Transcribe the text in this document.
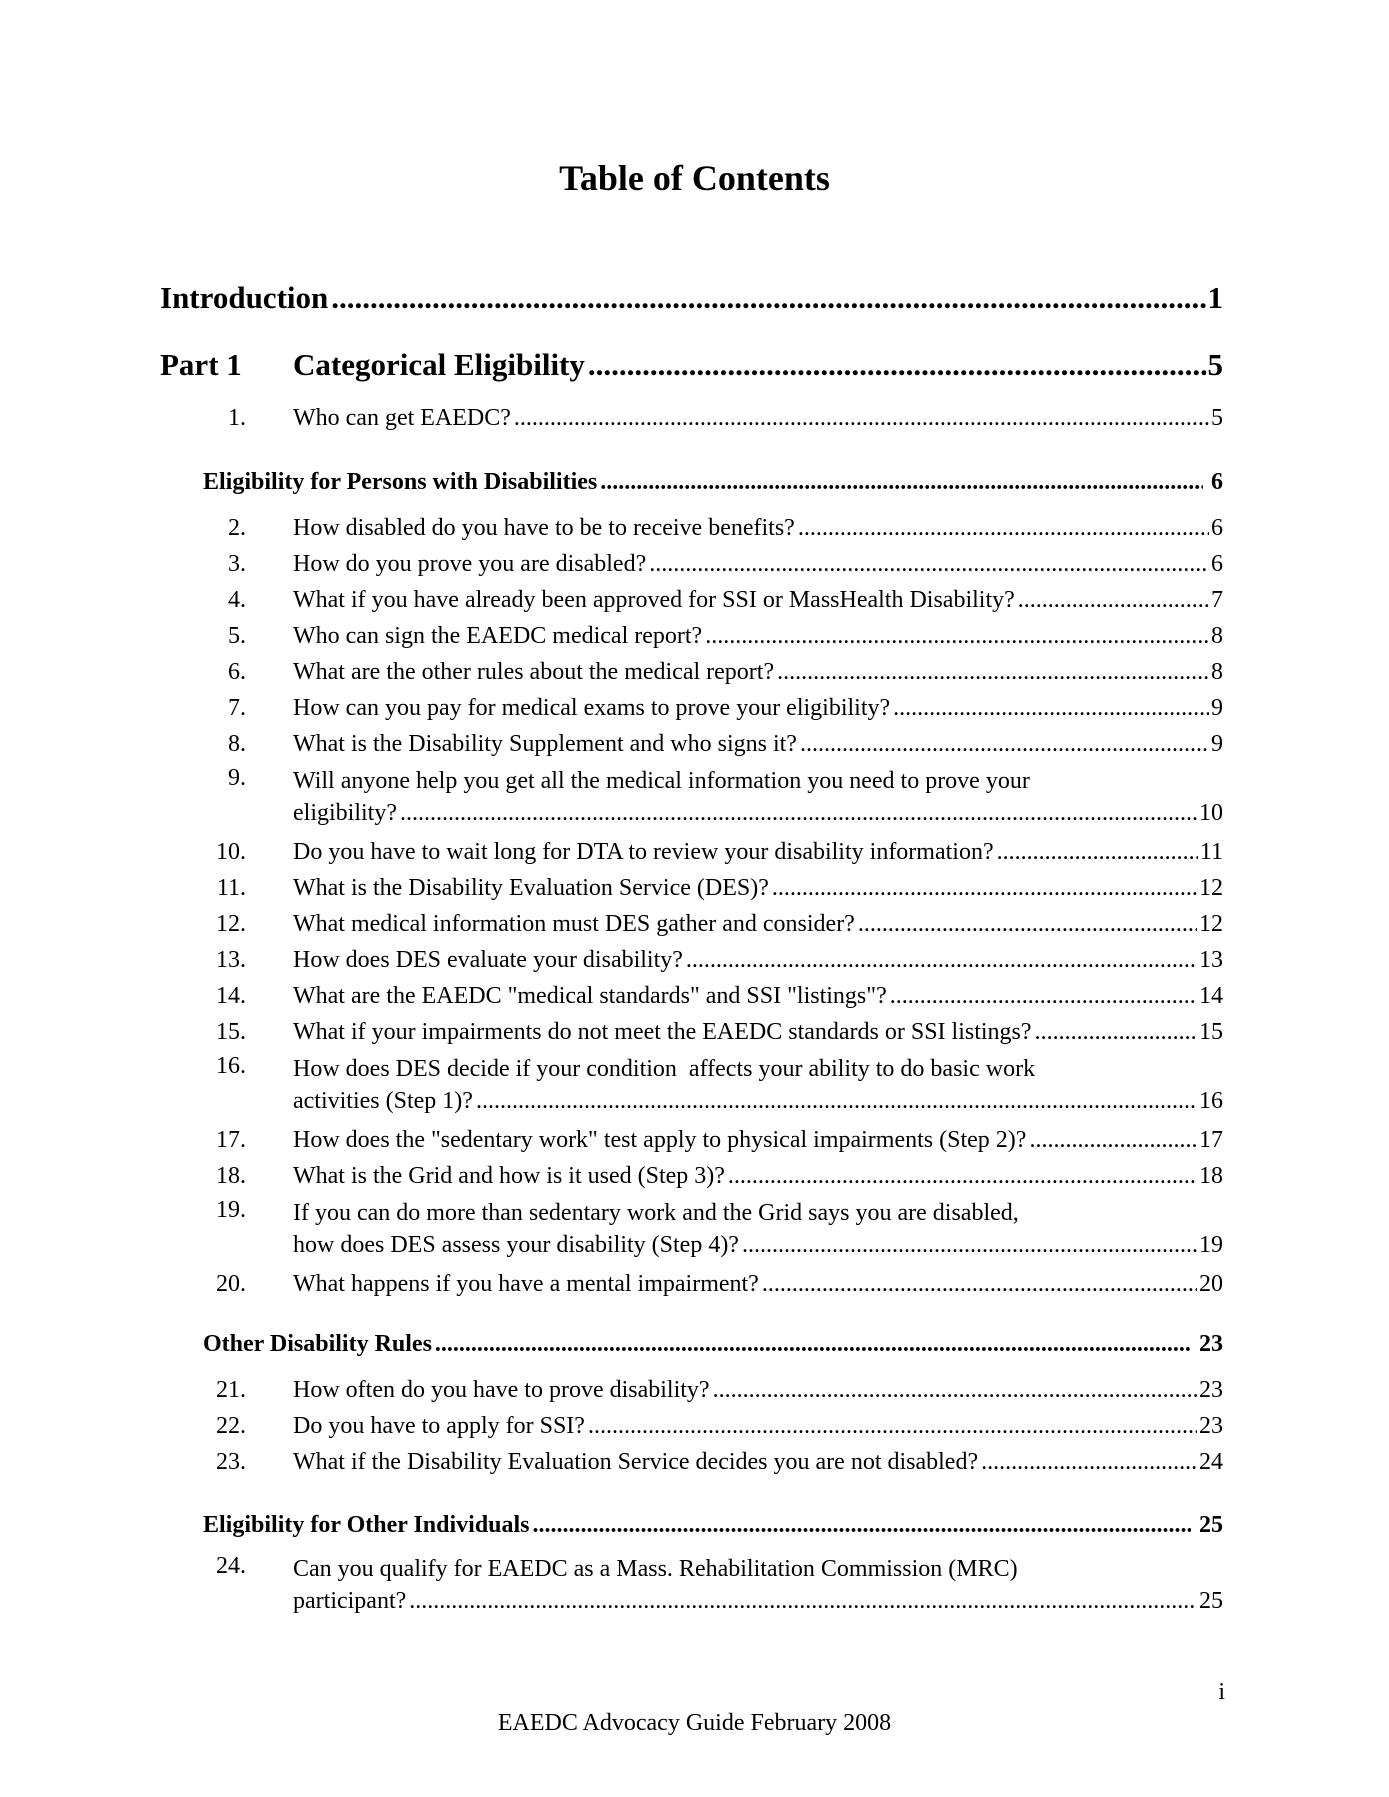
Table of Contents
Introduction .....	1
Part 1	Categorical Eligibility .....	5
1.	Who can get EAEDC? .....	5
Eligibility for Persons with Disabilities .....	6
2.	How disabled do you have to be to receive benefits? .....	6
3.	How do you prove you are disabled? .....	6
4.	What if you have already been approved for SSI or MassHealth Disability? .....	7
5.	Who can sign the EAEDC medical report? .....	8
6.	What are the other rules about the medical report? .....	8
7.	How can you pay for medical exams to prove your eligibility? .....	9
8.	What is the Disability Supplement and who signs it? .....	9
9.	Will anyone help you get all the medical information you need to prove your
eligibility? .....	10
10.	Do you have to wait long for DTA to review your disability information? .....	11
11.	What is the Disability Evaluation Service (DES)? .....	12
12.	What medical information must DES gather and consider? .....	12
13.	How does DES evaluate your disability? .....	13
14.	What are the EAEDC "medical standards" and SSI "listings"? .....	14
15.	What if your impairments do not meet the EAEDC standards or SSI listings? .....	15
16.	How does DES decide if your condition  affects your ability to do basic work
activities (Step 1)? .....	16
17.	How does the "sedentary work" test apply to physical impairments (Step 2)? .....	17
18.	What is the Grid and how is it used (Step 3)? .....	18
19.	If you can do more than sedentary work and the Grid says you are disabled,
how does DES assess your disability (Step 4)? .....	19
20.	What happens if you have a mental impairment? .....	20
Other Disability Rules .....	23
21.	How often do you have to prove disability? .....	23
22.	Do you have to apply for SSI? .....	23
23.	What if the Disability Evaluation Service decides you are not disabled? .....	24
Eligibility for Other Individuals .....	25
24.	Can you qualify for EAEDC as a Mass. Rehabilitation Commission (MRC)
participant? .....	25
i
EAEDC Advocacy Guide February 2008
